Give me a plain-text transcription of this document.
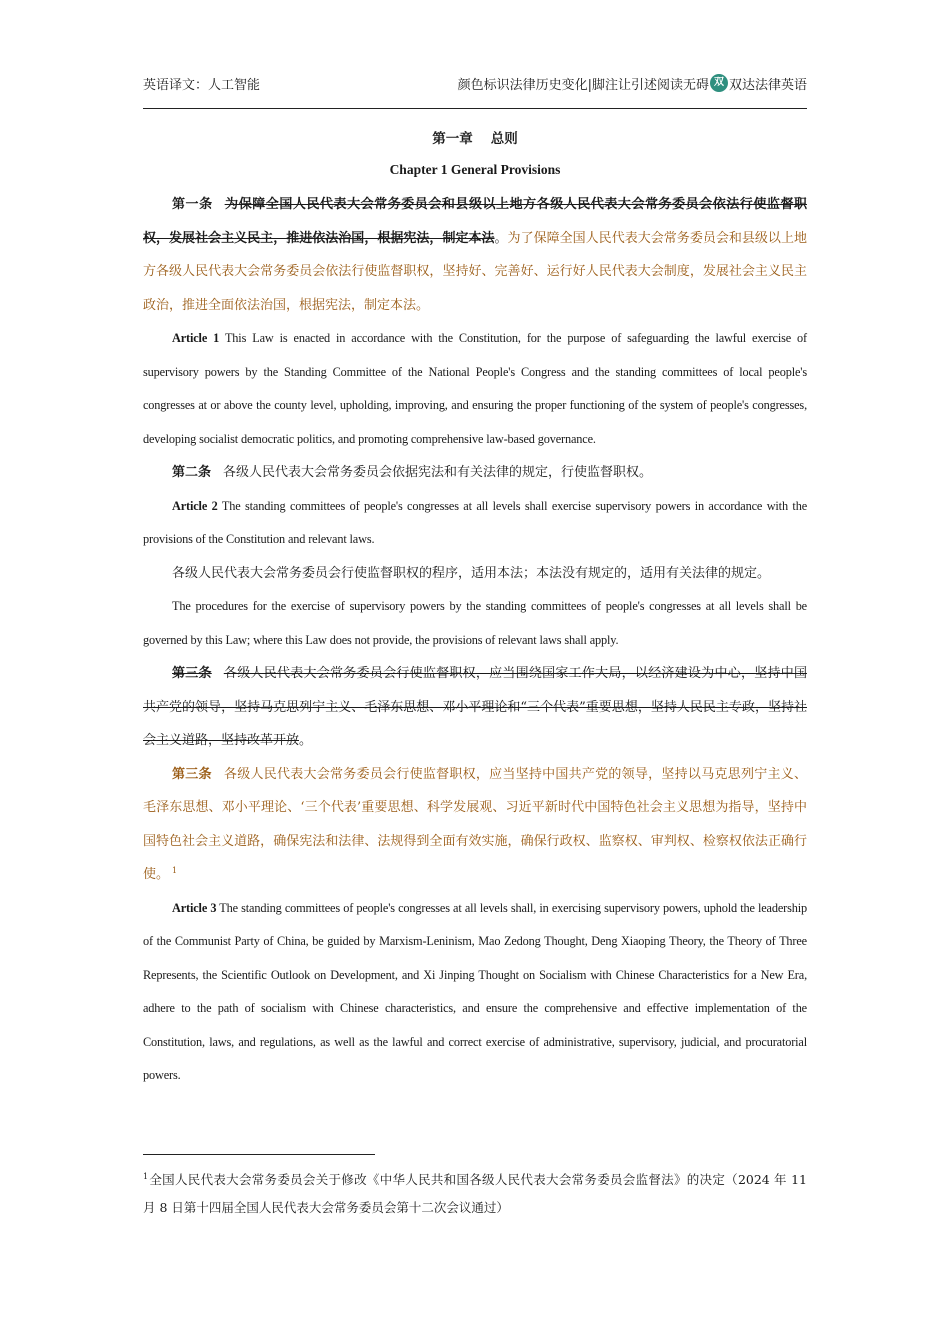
英语译文：人工智能	颜色标识法律历史变化|脚注让引述阅读无碍 双 双达法律英语
第一章 总则
Chapter 1 General Provisions

第一条 为保障全国人民代表大会常务委员会和县级以上地方各级人民代表大会常务委员会依法行使监督职权，发展社会主义民主，推进依法治国，根据宪法，制定本法。为了保障全国人民代表大会常务委员会和县级以上地方各级人民代表大会常务委员会依法行使监督职权，坚持好、完善好、运行好人民代表大会制度，发展社会主义民主政治，推进全面依法治国，根据宪法，制定本法。

Article 1 This Law is enacted in accordance with the Constitution, for the purpose of safeguarding the lawful exercise of supervisory powers by the Standing Committee of the National People's Congress and the standing committees of local people's congresses at or above the county level, upholding, improving, and ensuring the proper functioning of the system of people's congresses, developing socialist democratic politics, and promoting comprehensive law-based governance.

第二条 各级人民代表大会常务委员会依据宪法和有关法律的规定，行使监督职权。

Article 2 The standing committees of people's congresses at all levels shall exercise supervisory powers in accordance with the provisions of the Constitution and relevant laws.

各级人民代表大会常务委员会行使监督职权的程序，适用本法；本法没有规定的，适用有关法律的规定。

The procedures for the exercise of supervisory powers by the standing committees of people's congresses at all levels shall be governed by this Law; where this Law does not provide, the provisions of relevant laws shall apply.

第三条 各级人民代表大会常务委员会行使监督职权，应当围绕国家工作大局，以经济建设为中心，坚持中国共产党的领导，坚持马克思列宁主义、毛泽东思想、邓小平理论和“三个代表”重要思想，坚持人民民主专政，坚持社会主义道路，坚持改革开放。

第三条 各级人民代表大会常务委员会行使监督职权，应当坚持中国共产党的领导，坚持以马克思列宁主义、毛泽东思想、邓小平理论、‘三个代表’重要思想、科学发展观、习近平新时代中国特色社会主义思想为指导，坚持中国特色社会主义道路，确保宪法和法律、法规得到全面有效实施，确保行政权、监察权、审判权、检察权依法正确行使。 $^1$

Article 3 The standing committees of people's congresses at all levels shall, in exercising supervisory powers, uphold the leadership of the Communist Party of China, be guided by Marxism-Leninism, Mao Zedong Thought, Deng Xiaoping Theory, the Theory of Three Represents, the Scientific Outlook on Development, and Xi Jinping Thought on Socialism with Chinese Characteristics for a New Era, adhere to the path of socialism with Chinese characteristics, and ensure the comprehensive and effective implementation of the Constitution, laws, and regulations, as well as the lawful and correct exercise of administrative, supervisory, judicial, and procuratorial powers.

$^1$全国人民代表大会常务委员会关于修改《中华人民共和国各级人民代表大会常务委员会监督法》的决定（2024 年 11 月 8 日第十四届全国人民代表大会常务委员会第十二次会议通过）
